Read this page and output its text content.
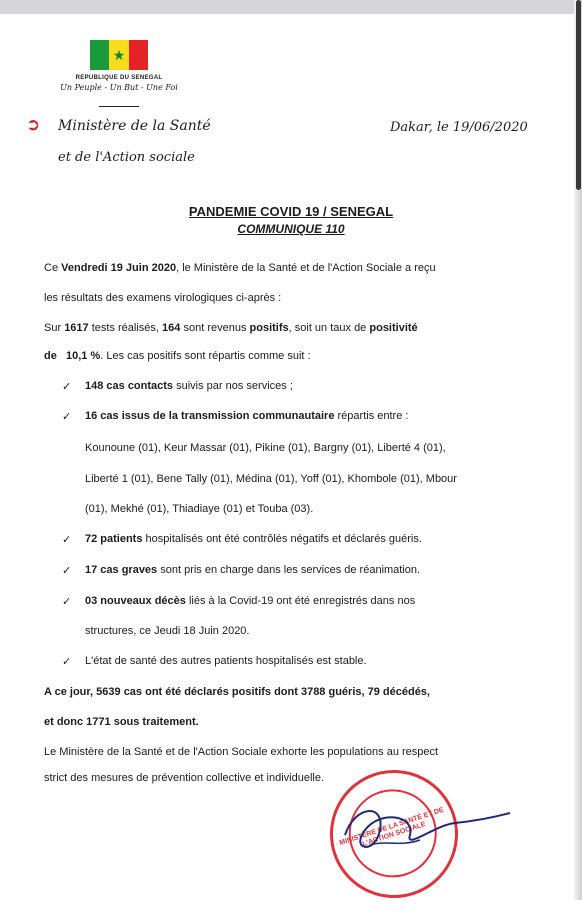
★
REPUBLIQUE DU SENEGAL
Un Peuple - Un But - Une Foi
➲ Ministère de la Santé
et de l'Action sociale
Dakar, le 19/06/2020
PANDEMIE COVID 19 / SENEGAL
COMMUNIQUE 110
Ce Vendredi 19 Juin 2020, le Ministère de la Santé et de l'Action Sociale a reçu
les résultats des examens virologiques ci-après :
Sur 1617 tests réalisés, 164 sont revenus positifs, soit un taux de positivité
de 10,1 %. Les cas positifs sont répartis comme suit :
✓ 148 cas contacts suivis par nos services ;
✓ 16 cas issus de la transmission communautaire répartis entre :
Kounoune (01), Keur Massar (01), Pikine (01), Bargny (01), Liberté 4 (01),
Liberté 1 (01), Bene Tally (01), Médina (01), Yoff (01), Khombole (01), Mbour
(01), Mekhé (01), Thiadiaye (01) et Touba (03).
✓ 72 patients hospitalisés ont été contrôlés négatifs et déclarés guéris.
✓ 17 cas graves sont pris en charge dans les services de réanimation.
✓ 03 nouveaux décès liés à la Covid-19 ont été enregistrés dans nos
structures, ce Jeudi 18 Juin 2020.
✓ L'état de santé des autres patients hospitalisés est stable.
A ce jour, 5639 cas ont été déclarés positifs dont 3788 guéris, 79 décédés,
et donc 1771 sous traitement.
Le Ministère de la Santé et de l'Action Sociale exhorte les populations au respect
strict des mesures de prévention collective et individuelle.
MINISTÈRE DE LA SANTÉ ET DE L'ACTION SOCIALE
